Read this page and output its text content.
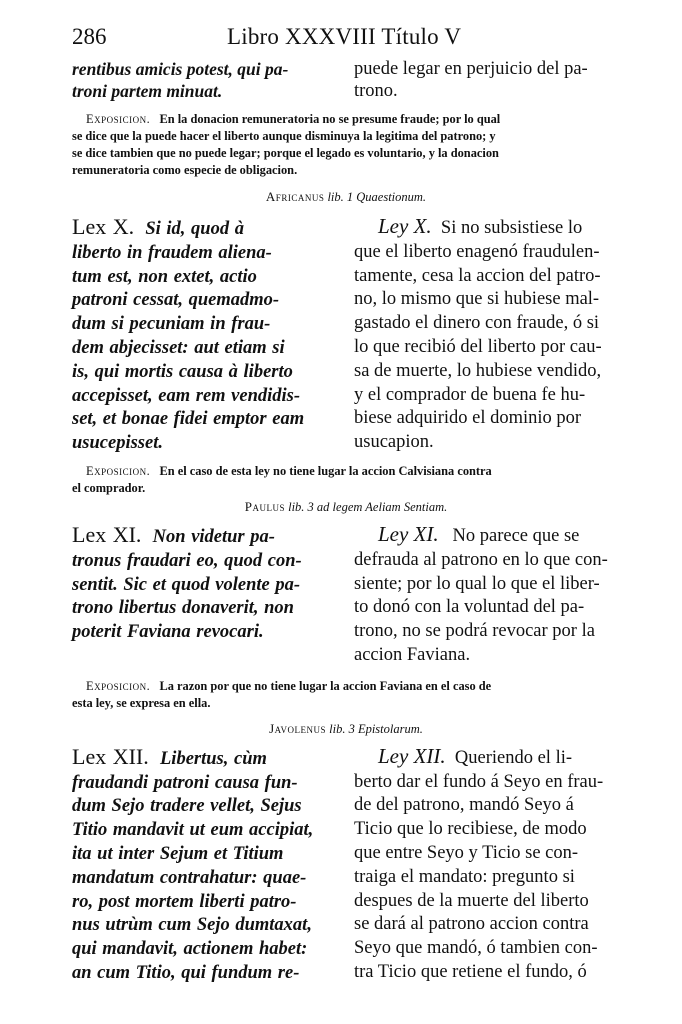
286	Libro XXXVIII Título V

rentibus amicis potest, qui pa-

troni partem minuat.

puede legar en perjuicio del pa-

trono.

Exposicion. En la donacion remuneratoria no se presume fraude; por lo qual

se dice que la puede hacer el liberto aunque disminuya la legitima del patrono; y

se dice tambien que no puede legar; porque el legado es voluntario, y la donacion

remuneratoria como especie de obligacion.

Africanus lib. 1 Quaestionum.

Lex X. Si id, quod à

liberto in fraudem aliena-

tum est, non extet, actio

patroni cessat, quemadmo-

dum si pecuniam in frau-

dem abjecisset: aut etiam si

is, qui mortis causa à liberto

accepisset, eam rem vendidis-

set, et bonae fidei emptor eam

usucepisset.

Ley X. Si no subsistiese lo

que el liberto enagenó fraudulen-

tamente, cesa la accion del patro-

no, lo mismo que si hubiese mal-

gastado el dinero con fraude, ó si

lo que recibió del liberto por cau-

sa de muerte, lo hubiese vendido,

y el comprador de buena fe hu-

biese adquirido el dominio por

usucapion.

Exposicion. En el caso de esta ley no tiene lugar la accion Calvisiana contra

el comprador.

Paulus lib. 3 ad legem Aeliam Sentiam.

Lex XI. Non videtur pa-

tronus fraudari eo, quod con-

sentit. Sic et quod volente pa-

trono libertus donaverit, non

poterit Faviana revocari.

Ley XI. No parece que se

defrauda al patrono en lo que con-

siente; por lo qual lo que el liber-

to donó con la voluntad del pa-

trono, no se podrá revocar por la

accion Faviana.

Exposicion. La razon por que no tiene lugar la accion Faviana en el caso de

esta ley, se expresa en ella.

Javolenus lib. 3 Epistolarum.

Lex XII. Libertus, cùm

fraudandi patroni causa fun-

dum Sejo tradere vellet, Sejus

Titio mandavit ut eum accipiat,

ita ut inter Sejum et Titium

mandatum contrahatur: quae-

ro, post mortem liberti patro-

nus utrùm cum Sejo dumtaxat,

qui mandavit, actionem habet:

an cum Titio, qui fundum re-

Ley XII. Queriendo el li-

berto dar el fundo á Seyo en frau-

de del patrono, mandó Seyo á

Ticio que lo recibiese, de modo

que entre Seyo y Ticio se con-

traiga el mandato: pregunto si

despues de la muerte del liberto

se dará al patrono accion contra

Seyo que mandó, ó tambien con-

tra Ticio que retiene el fundo, ó
